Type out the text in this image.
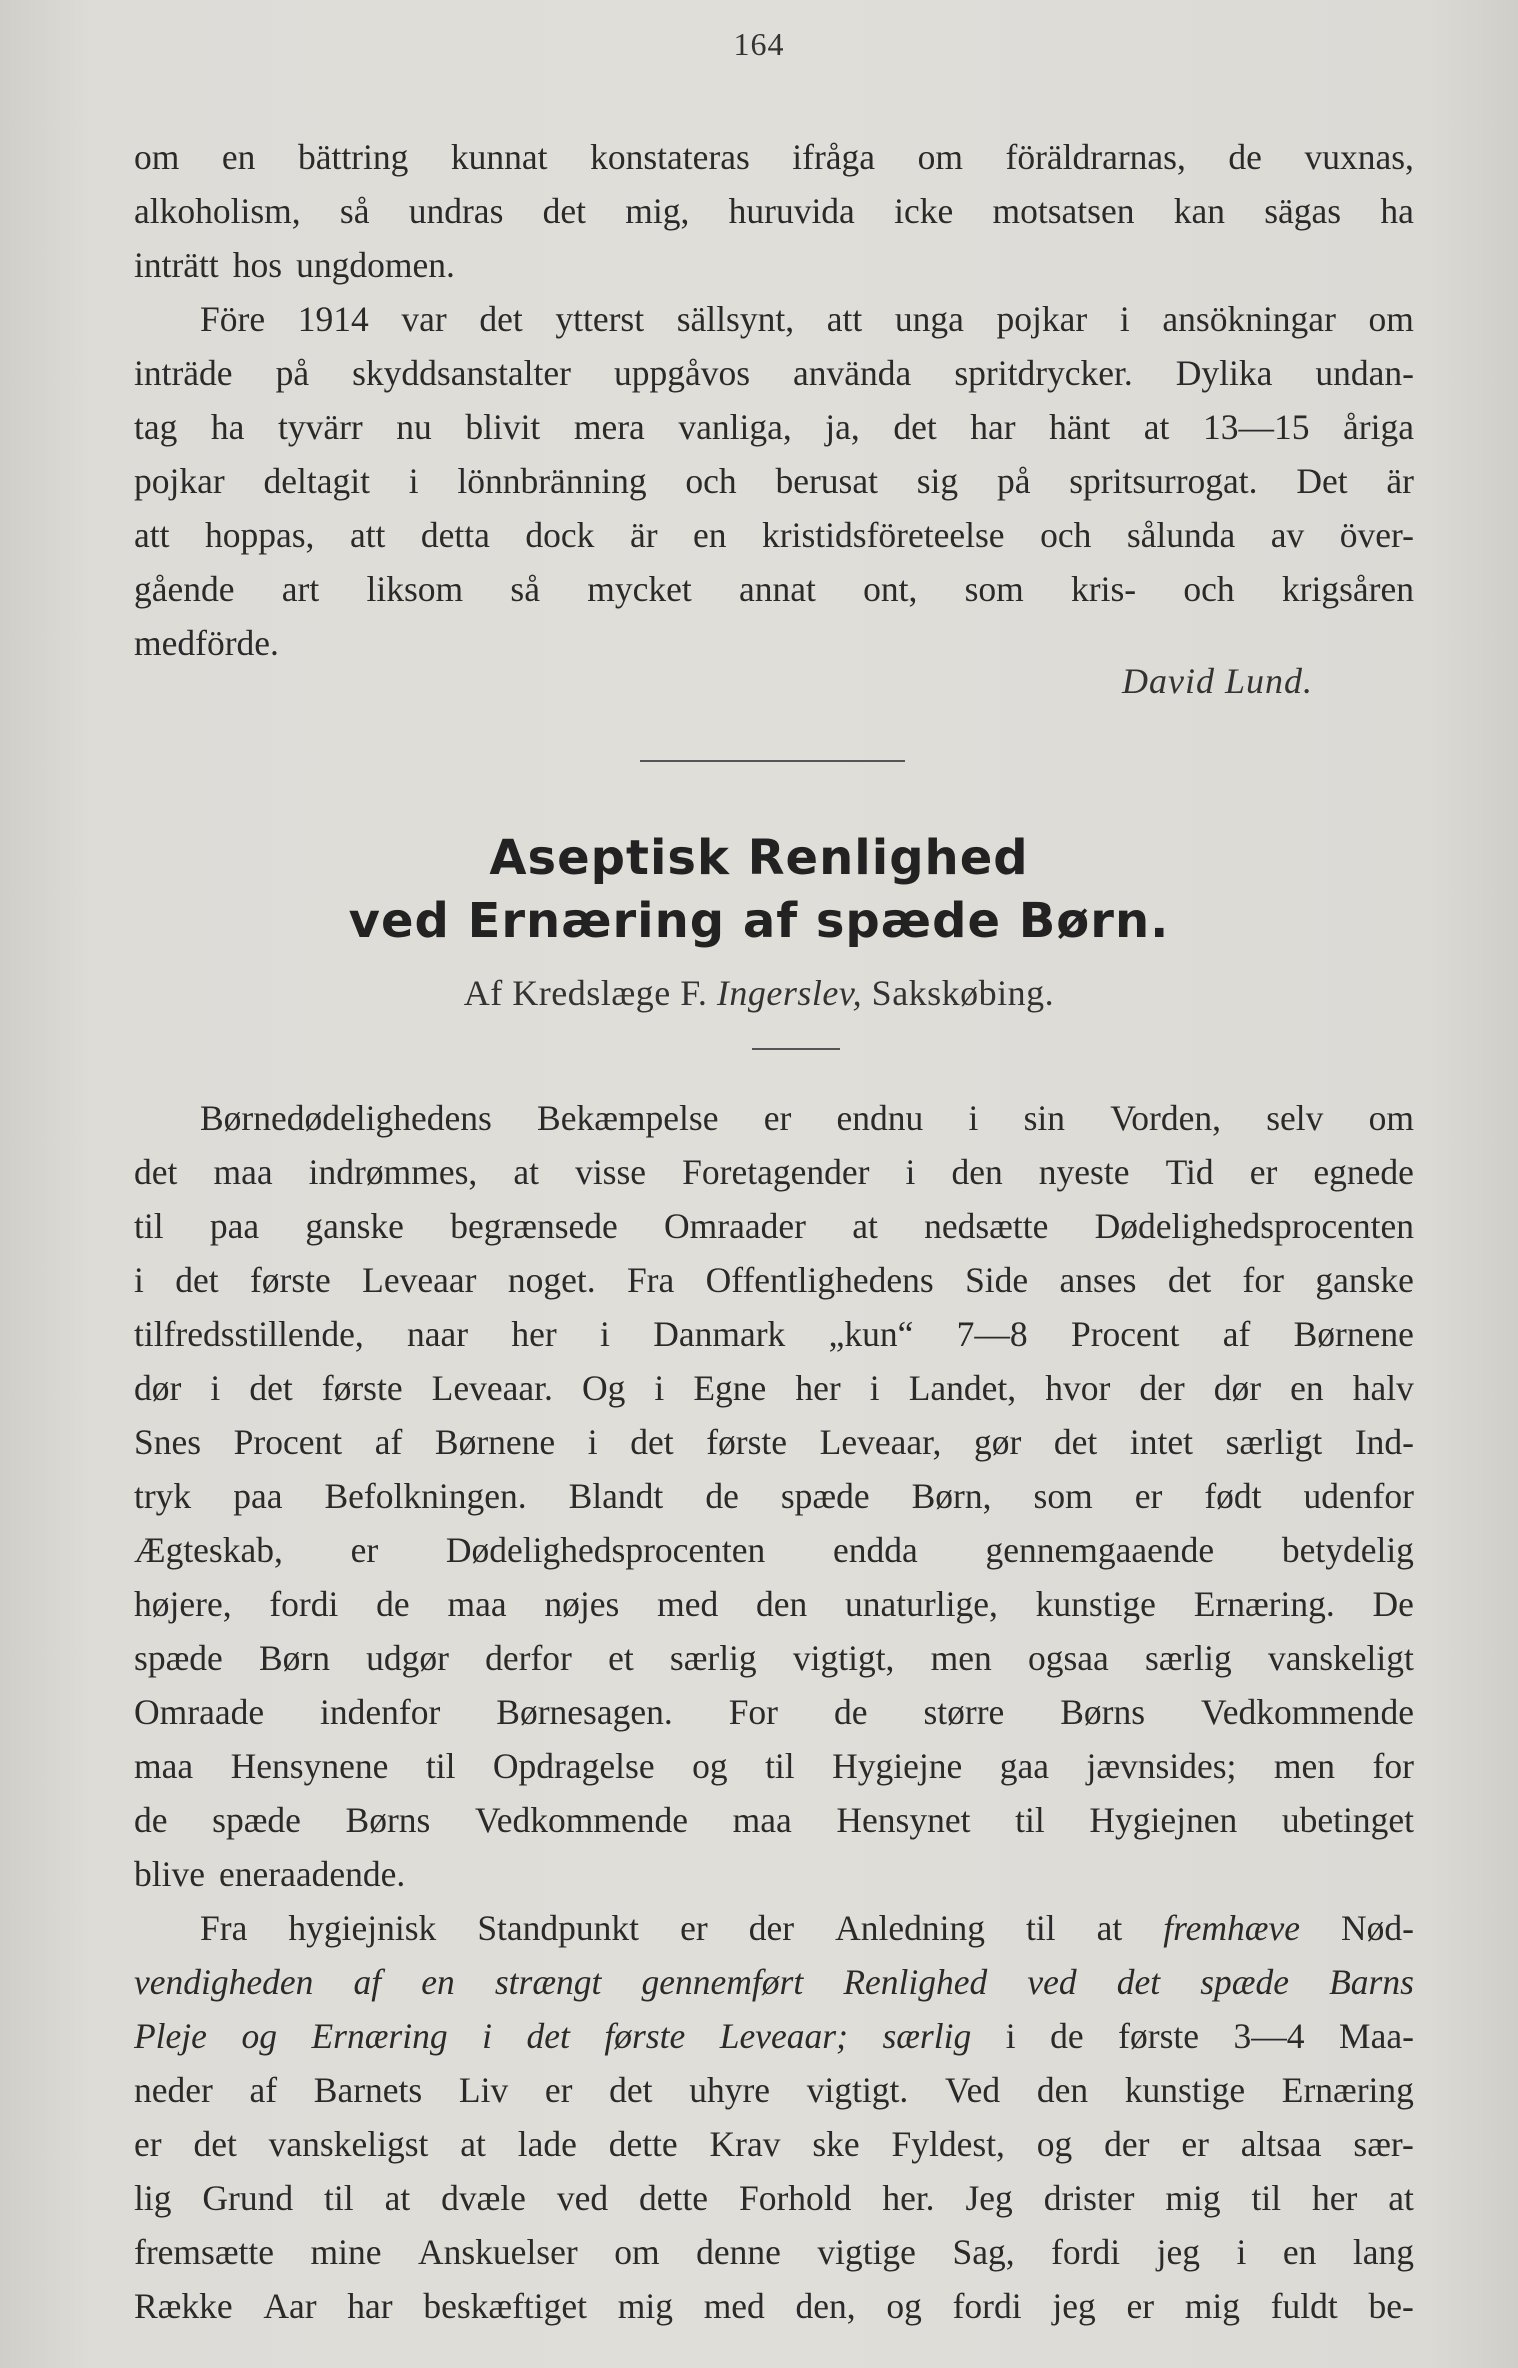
164
om en bättring kunnat konstateras ifråga om föräldrarnas, de vuxnas,
alkoholism, så undras det mig, huruvida icke motsatsen kan sägas ha
inträtt hos ungdomen.
Före 1914 var det ytterst sällsynt, att unga pojkar i ansökningar om
inträde på skyddsanstalter uppgåvos använda spritdrycker. Dylika undan-
tag ha tyvärr nu blivit mera vanliga, ja, det har hänt at 13—15 åriga
pojkar deltagit i lönnbränning och berusat sig på spritsurrogat. Det är
att hoppas, att detta dock är en kristidsföreteelse och sålunda av över-
gående art liksom så mycket annat ont, som kris- och krigsåren
medförde.
David Lund.
Aseptisk Renlighed
ved Ernæring af spæde Børn.
Af Kredslæge F. Ingerslev, Sakskøbing.
Børnedødelighedens Bekæmpelse er endnu i sin Vorden, selv om
det maa indrømmes, at visse Foretagender i den nyeste Tid er egnede
til paa ganske begrænsede Omraader at nedsætte Dødelighedsprocenten
i det første Leveaar noget. Fra Offentlighedens Side anses det for ganske
tilfredsstillende, naar her i Danmark „kun“ 7—8 Procent af Børnene
dør i det første Leveaar. Og i Egne her i Landet, hvor der dør en halv
Snes Procent af Børnene i det første Leveaar, gør det intet særligt Ind-
tryk paa Befolkningen. Blandt de spæde Børn, som er født udenfor
Ægteskab, er Dødelighedsprocenten endda gennemgaaende betydelig
højere, fordi de maa nøjes med den unaturlige, kunstige Ernæring. De
spæde Børn udgør derfor et særlig vigtigt, men ogsaa særlig vanskeligt
Omraade indenfor Børnesagen. For de større Børns Vedkommende
maa Hensynene til Opdragelse og til Hygiejne gaa jævnsides; men for
de spæde Børns Vedkommende maa Hensynet til Hygiejnen ubetinget
blive eneraadende.
Fra hygiejnisk Standpunkt er der Anledning til at fremhæve Nød-
vendigheden af en strængt gennemført Renlighed ved det spæde Barns
Pleje og Ernæring i det første Leveaar; særlig i de første 3—4 Maa-
neder af Barnets Liv er det uhyre vigtigt. Ved den kunstige Ernæring
er det vanskeligst at lade dette Krav ske Fyldest, og der er altsaa sær-
lig Grund til at dvæle ved dette Forhold her. Jeg drister mig til her at
fremsætte mine Anskuelser om denne vigtige Sag, fordi jeg i en lang
Række Aar har beskæftiget mig med den, og fordi jeg er mig fuldt be-
